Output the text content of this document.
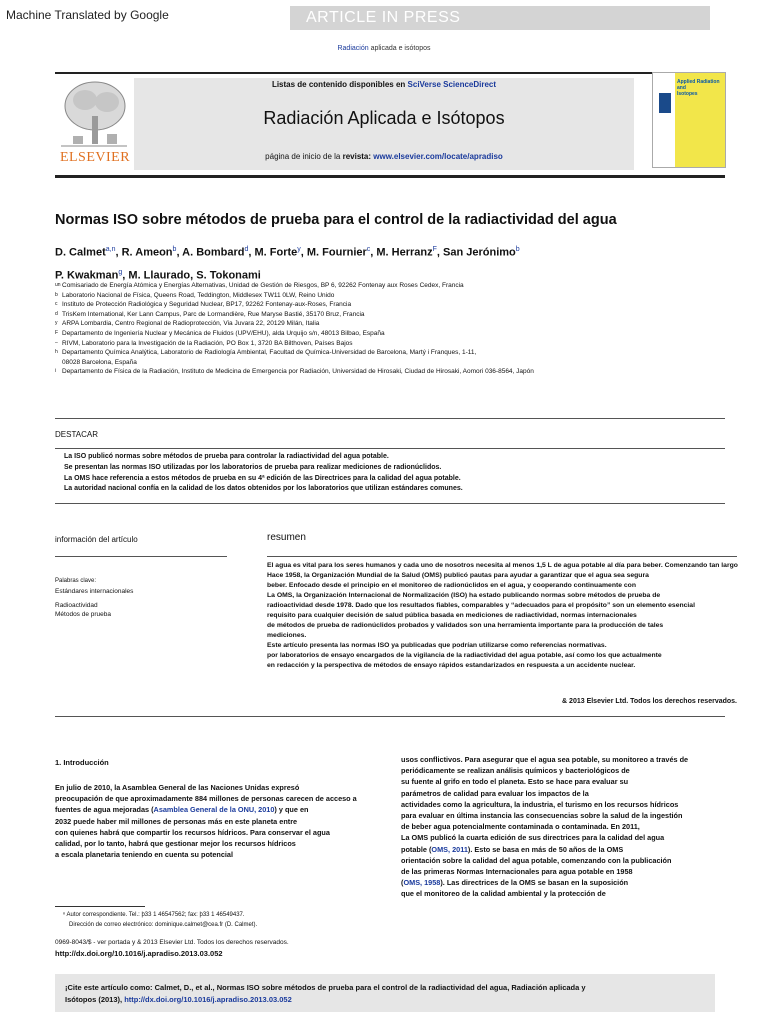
Machine Translated by Google	ARTICLE IN PRESS
Radiación aplicada e isótopos
ELSEVIER
Listas de contenido disponibles en SciVerse ScienceDirect
Radiación Aplicada e Isótopos
página de inicio de la revista: www.elsevier.com/locate/apradiso
Applied Radiation and
Isotopes
Normas ISO sobre métodos de prueba para el control de la radiactividad del agua
D. Calmet$^{a,n}$, R. Ameon$^b$, A. Bombard$^d$, M. Forte$^y$, M. Fournier$^c$, M. Herranz$^F$, San Jerónimo$^b$
P. Kwakman$^g$, M. Llaurado, S. Tokonami
un Comisariado de Energía Atómica y Energías Alternativas, Unidad de Gestión de Riesgos, BP 6, 92262 Fontenay aux Roses Cedex, Francia
b Laboratorio Nacional de Física, Queens Road, Teddington, Middlesex TW11 0LW, Reino Unido
c Instituto de Protección Radiológica y Seguridad Nuclear, BP17, 92262 Fontenay-aux-Roses, Francia
d TrisKem International, Ker Lann Campus, Parc de Lormandière, Rue Maryse Bastié, 35170 Bruz, Francia
y ARPA Lombardia, Centro Regional de Radioprotección, Via Juvara 22, 20129 Milán, Italia
F Departamento de Ingeniería Nuclear y Mecánica de Fluidos (UPV/EHU), alda Urquijo s/n, 48013 Bilbao, España
– RIVM, Laboratorio para la Investigación de la Radiación, PO Box 1, 3720 BA Bilthoven, Países Bajos
h Departamento Química Analýtica, Laboratorio de Radiología Ambiental, Facultad de Química-Universidad de Barcelona, Martý i Franques, 1-11,
08028 Barcelona, España
i Departamento de Física de la Radiación, Instituto de Medicina de Emergencia por Radiación, Universidad de Hirosaki, Ciudad de Hirosaki, Aomori 036-8564, Japón
DESTACAR
La ISO publicó normas sobre métodos de prueba para controlar la radiactividad del agua potable.
Se presentan las normas ISO utilizadas por los laboratorios de prueba para realizar mediciones de radionúclidos.
La OMS hace referencia a estos métodos de prueba en su 4ª edición de las Directrices para la calidad del agua potable.
La autoridad nacional confía en la calidad de los datos obtenidos por los laboratorios que utilizan estándares comunes.
información del artículo
Palabras clave:
Estándares internacionales
Radioactividad
Métodos de prueba
resumen
El agua es vital para los seres humanos y cada uno de nosotros necesita al menos 1,5 L de agua potable al día para beber. Comenzando tan largo
Hace 1958, la Organización Mundial de la Salud (OMS) publicó pautas para ayudar a garantizar que el agua sea segura
beber. Enfocado desde el principio en el monitoreo de radionúclidos en el agua, y cooperando continuamente con
La OMS, la Organización Internacional de Normalización (ISO) ha estado publicando normas sobre métodos de prueba de
radioactividad desde 1978. Dado que los resultados fiables, comparables y “adecuados para el propósito” son un elemento esencial
requisito para cualquier decisión de salud pública basada en mediciones de radiactividad, normas internacionales
de métodos de prueba de radionúclidos probados y validados son una herramienta importante para la producción de tales
mediciones.
Este artículo presenta las normas ISO ya publicadas que podrían utilizarse como referencias normativas.
por laboratorios de ensayo encargados de la vigilancia de la radiactividad del agua potable, así como los que actualmente
en redacción y la perspectiva de métodos de ensayo rápidos estandarizados en respuesta a un accidente nuclear.
& 2013 Elsevier Ltd. Todos los derechos reservados.
1. Introducción
En julio de 2010, la Asamblea General de las Naciones Unidas expresó
preocupación de que aproximadamente 884 millones de personas carecen de acceso a
fuentes de agua mejoradas (Asamblea General de la ONU, 2010) y que en
2032 puede haber mil millones de personas más en este planeta entre
con quienes habrá que compartir los recursos hídricos. Para conservar el agua
calidad, por lo tanto, habrá que gestionar mejor los recursos hídricos
a escala planetaria teniendo en cuenta su potencial
usos conflictivos. Para asegurar que el agua sea potable, su monitoreo a través de
periódicamente se realizan análisis químicos y bacteriológicos de
su fuente al grifo en todo el planeta. Esto se hace para evaluar su
parámetros de calidad para evaluar los impactos de la
actividades como la agricultura, la industria, el turismo en los recursos hídricos
para evaluar en última instancia las consecuencias sobre la salud de la ingestión
de beber agua potencialmente contaminada o contaminada. En 2011,
La OMS publicó la cuarta edición de sus directrices para la calidad del agua
potable (OMS, 2011). Esto se basa en más de 50 años de la OMS
orientación sobre la calidad del agua potable, comenzando con la publicación
de las primeras Normas Internacionales para agua potable en 1958
(OMS, 1958). Las directrices de la OMS se basan en la suposición
que el monitoreo de la calidad ambiental y la protección de
ⁿ Autor correspondiente. Tel.: þ33 1 46547562; fax: þ33 1 46549437.
Dirección de correo electrónico: dominique.calmet@cea.fr (D. Calmet).
0969-8043/$ - ver portada y & 2013 Elsevier Ltd. Todos los derechos reservados.
http://dx.doi.org/10.1016/j.apradiso.2013.03.052
¡Cite este artículo como: Calmet, D., et al., Normas ISO sobre métodos de prueba para el control de la radiactividad del agua, Radiación aplicada y
Isótopos (2013), http://dx.doi.org/10.1016/j.apradiso.2013.03.052
